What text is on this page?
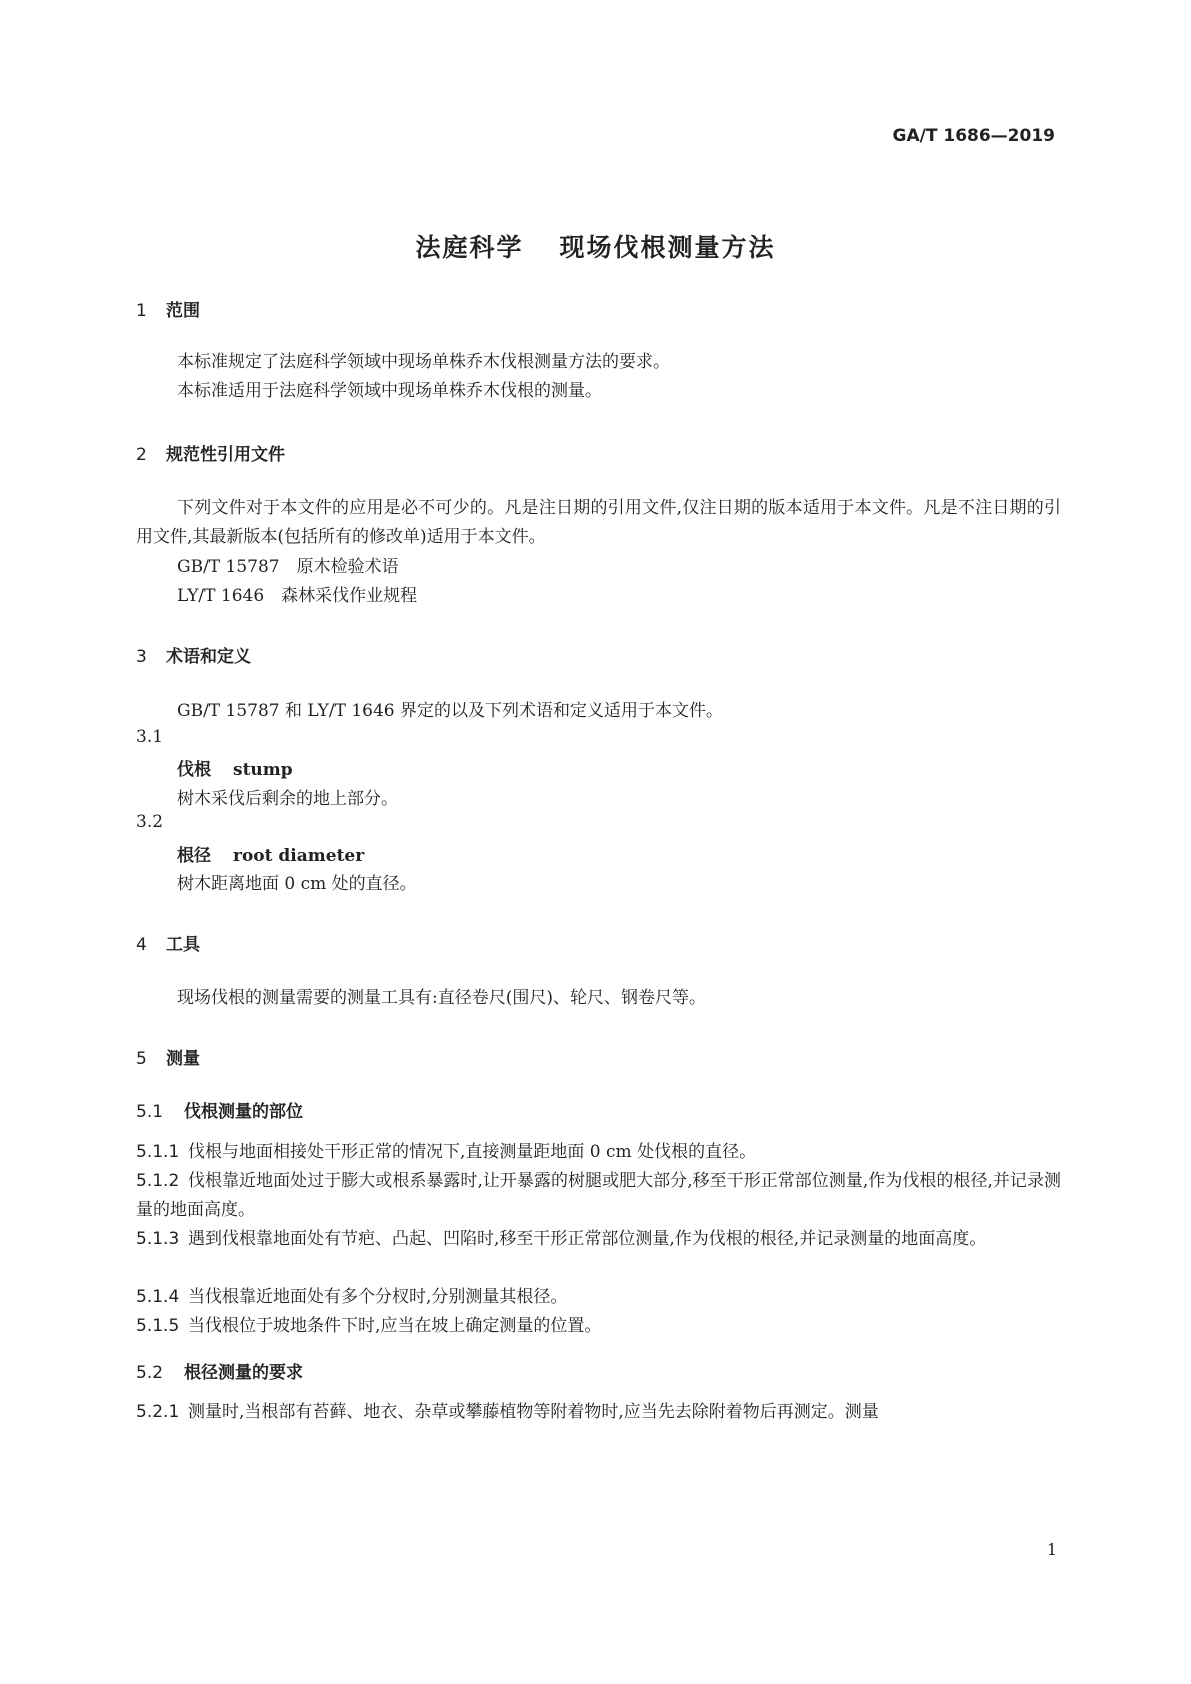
GA/T 1686—2019
法庭科学 现场伐根测量方法
1 范围
本标准规定了法庭科学领域中现场单株乔木伐根测量方法的要求。
本标准适用于法庭科学领域中现场单株乔木伐根的测量。
2 规范性引用文件
下列文件对于本文件的应用是必不可少的。凡是注日期的引用文件,仅注日期的版本适用于本文件。凡是不注日期的引用文件,其最新版本(包括所有的修改单)适用于本文件。
GB/T 15787　 原木检验术语
LY/T 1646　 森林采伐作业规程
3 术语和定义
GB/T 15787 和 LY/T 1646 界定的以及下列术语和定义适用于本文件。
3.1
伐根 stump
树木采伐后剩余的地上部分。
3.2
根径 root diameter
树木距离地面 0 cm 处的直径。
4 工具
现场伐根的测量需要的测量工具有:直径卷尺(围尺)、轮尺、钢卷尺等。
5 测量
5.1 伐根测量的部位
5.1.1 伐根与地面相接处干形正常的情况下,直接测量距地面 0 cm 处伐根的直径。
5.1.2 伐根靠近地面处过于膨大或根系暴露时,让开暴露的树腿或肥大部分,移至干形正常部位测量,作为伐根的根径,并记录测量的地面高度。
5.1.3 遇到伐根靠地面处有节疤、凸起、凹陷时,移至干形正常部位测量,作为伐根的根径,并记录测量的地面高度。
5.1.4 当伐根靠近地面处有多个分杈时,分别测量其根径。
5.1.5 当伐根位于坡地条件下时,应当在坡上确定测量的位置。
5.2 根径测量的要求
5.2.1 测量时,当根部有苔藓、地衣、杂草或攀藤植物等附着物时,应当先去除附着物后再测定。测量
1
